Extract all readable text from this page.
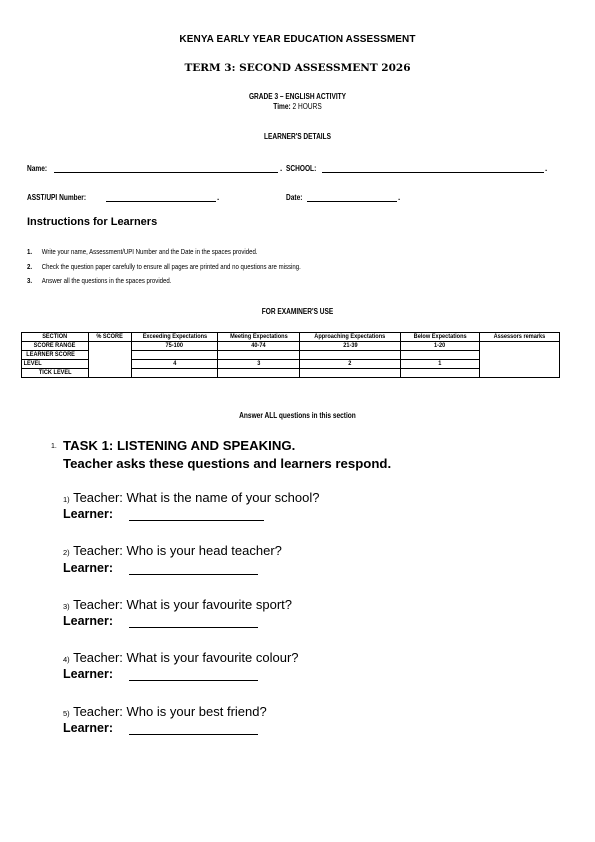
KENYA EARLY YEAR EDUCATION ASSESSMENT
TERM 3: SECOND ASSESSMENT 2026
GRADE 3 – ENGLISH ACTIVITY
Time: 2 HOURS
LEARNER'S DETAILS
Name:	. SCHOOL:	.
ASST/UPI Number:	.	Date:	.
Instructions for Learners
1. Write your name, Assessment/UPI Number and the Date in the spaces provided.
2. Check the question paper carefully to ensure all pages are printed and no questions are missing.
3. Answer all the questions in the spaces provided.
FOR EXAMINER'S USE
SECTION	% SCORE	Exceeding Expectations	Meeting Expectations	Approaching Expectations	Below Expectations	Assessors remarks
SCORE RANGE		75-100	40-74	21-39	1-20	
LEARNER SCORE						
LEVEL		4	3	2	1	
TICK LEVEL						
Answer ALL questions in this section
1. TASK 1: LISTENING AND SPEAKING.
Teacher asks these questions and learners respond.
1) Teacher: What is the name of your school?
Learner:
2) Teacher: Who is your head teacher?
Learner:
3) Teacher: What is your favourite sport?
Learner:
4) Teacher: What is your favourite colour?
Learner:
5) Teacher: Who is your best friend?
Learner:
